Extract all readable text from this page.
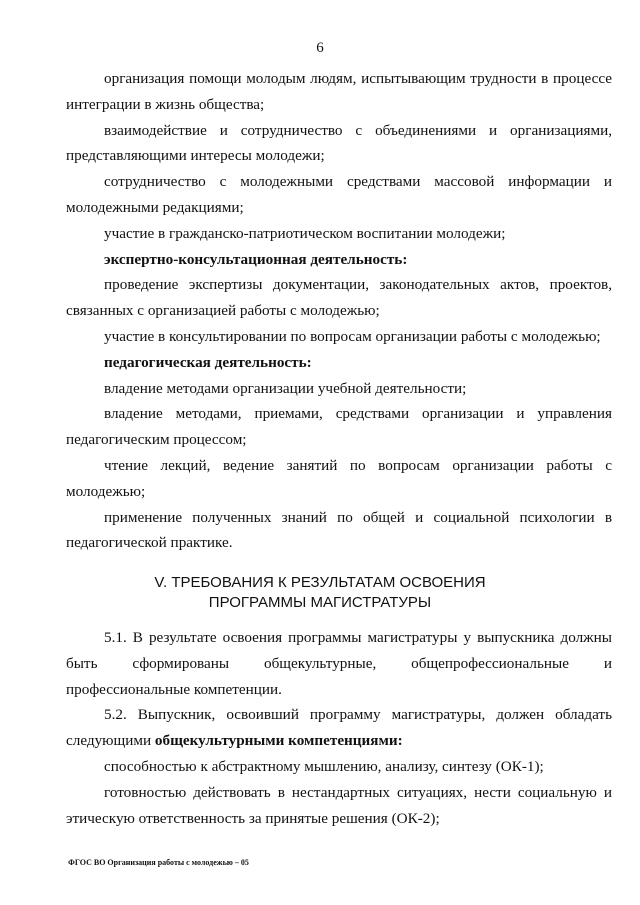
6

организация помощи молодым людям, испытывающим трудности в процессе интеграции в жизнь общества;

взаимодействие и сотрудничество с объединениями и организациями, представляющими интересы молодежи;

сотрудничество с молодежными средствами массовой информации и молодежными редакциями;

участие в гражданско-патриотическом воспитании молодежи;

экспертно-консультационная деятельность:

проведение экспертизы документации, законодательных актов, проектов, связанных с организацией работы с молодежью;

участие в консультировании по вопросам организации работы с молодежью;

педагогическая деятельность:

владение методами организации учебной деятельности;

владение методами, приемами, средствами организации и управления педагогическим процессом;

чтение лекций, ведение занятий по вопросам организации работы с молодежью;

применение полученных знаний по общей и социальной психологии в педагогической практике.

V. ТРЕБОВАНИЯ К РЕЗУЛЬТАТАМ ОСВОЕНИЯ
ПРОГРАММЫ МАГИСТРАТУРЫ

5.1. В результате освоения программы магистратуры у выпускника должны быть сформированы общекультурные, общепрофессиональные и профессиональные компетенции.

5.2. Выпускник, освоивший программу магистратуры, должен обладать следующими общекультурными компетенциями:

способностью к абстрактному мышлению, анализу, синтезу (ОК-1);

готовностью действовать в нестандартных ситуациях, нести социальную и этическую ответственность за принятые решения (ОК-2);

ФГОС ВО Организация работы с молодежью – 05
